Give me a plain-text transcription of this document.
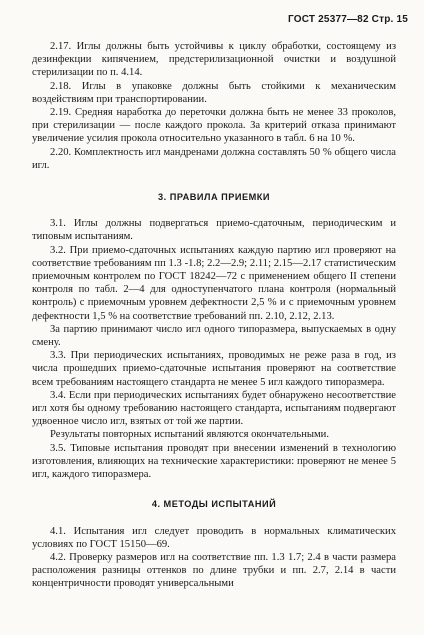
ГОСТ 25377—82 Стр. 15

2.17. Иглы должны быть устойчивы к циклу обработки, состоящему из дезинфекции кипячением, предстерилизационной очистки и воздушной стерилизации по п. 4.14.

2.18. Иглы в упаковке должны быть стойкими к механическим воздействиям при транспортировании.

2.19. Средняя наработка до переточки должна быть не менее 33 проколов, при стерилизации — после каждого прокола. За критерий отказа принимают увеличение усилия прокола относительно указанного в табл. 6 на 10 %.

2.20. Комплектность игл мандренами должна составлять 50 % общего числа игл.

3. ПРАВИЛА ПРИЕМКИ

3.1. Иглы должны подвергаться приемо-сдаточным, периодическим и типовым испытаниям.

3.2. При приемо-сдаточных испытаниях каждую партию игл проверяют на соответствие требованиям пп 1.3 -1.8; 2.2—2.9; 2.11; 2.15—2.17 статистическим приемочным контролем по ГОСТ 18242—72 с применением общего II степени контроля по табл. 2—4 для одноступенчатого плана контроля (нормальный контроль) с приемочным уровнем дефектности 2,5 % и с приемочным уровнем дефектности 1,5 % на соответствие требований пп. 2.10, 2.12, 2.13.

За партию принимают число игл одного типоразмера, выпускаемых в одну смену.

3.3. При периодических испытаниях, проводимых не реже раза в год, из числа прошедших приемо-сдаточные испытания проверяют на соответствие всем требованиям настоящего стандарта не менее 5 игл каждого типоразмера.

3.4. Если при периодических испытаниях будет обнаружено несоответствие игл хотя бы одному требованию настоящего стандарта, испытаниям подвергают удвоенное число игл, взятых от той же партии.

Результаты повторных испытаний являются окончательными.

3.5. Типовые испытания проводят при внесении изменений в технологию изготовления, влияющих на технические характеристики: проверяют не менее 5 игл, каждого типоразмера.

4. МЕТОДЫ ИСПЫТАНИЙ

4.1. Испытания игл следует проводить в нормальных климатических условиях по ГОСТ 15150—69.

4.2. Проверку размеров игл на соответствие пп. 1.3 1.7; 2.4 в части размера расположения разницы оттенков по длине трубки и пп. 2.7, 2.14 в части концентричности проводят универсальными
